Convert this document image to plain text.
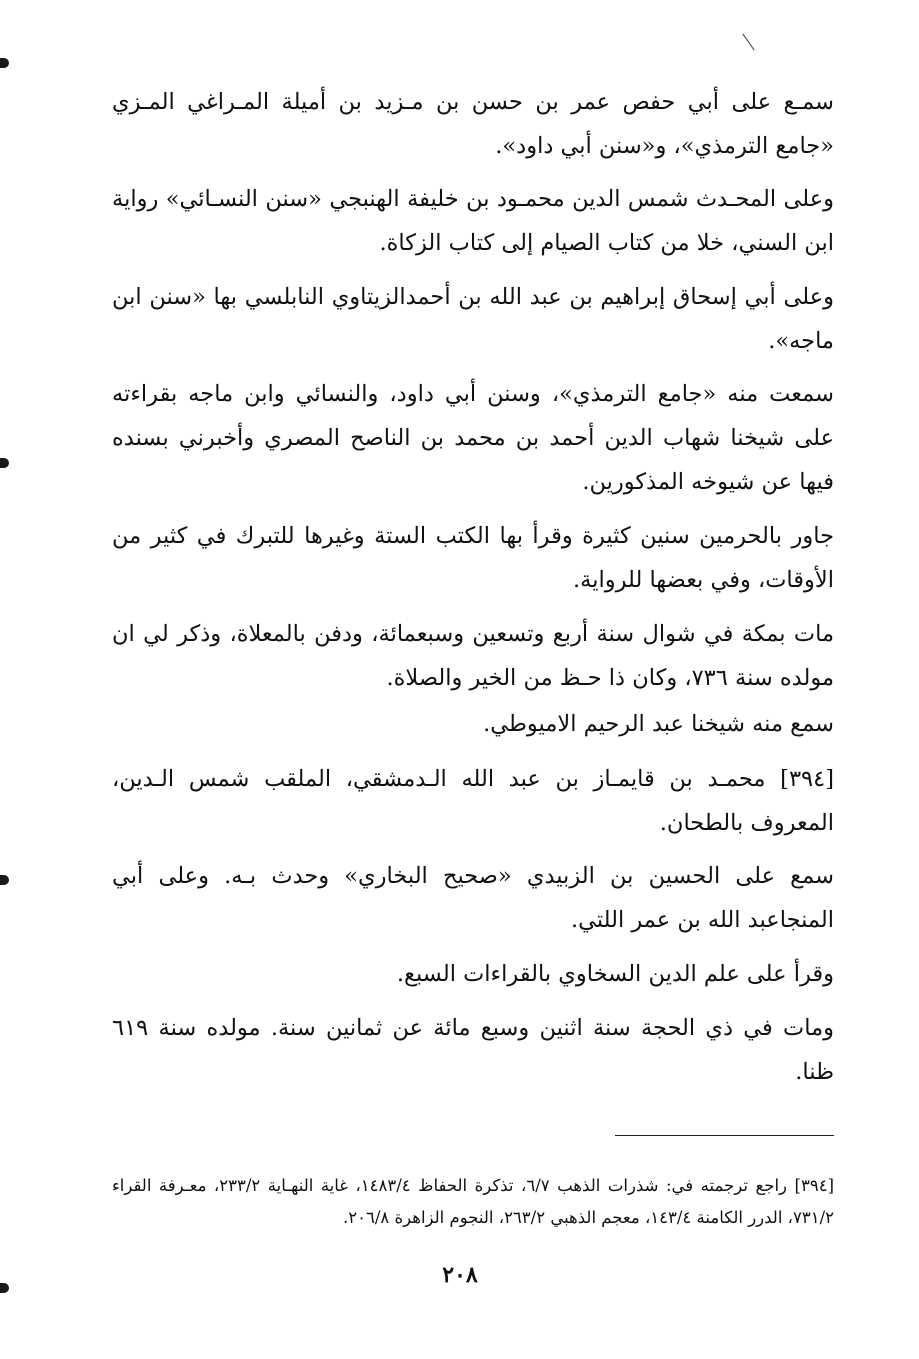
سمـع على أبي حفص عمر بن حسن بن مـزيد بن أميلة المـراغي المـزي «جامع الترمذي»، و«سنن أبي داود».

وعلى المحـدث شمس الدين محمـود بن خليفة الهنبجي «سنن النسـائي» رواية ابن السني، خلا من كتاب الصيام إلى كتاب الزكاة.

وعلى أبي إسحاق إبراهيم بن عبد الله بن أحمدالزيتاوي النابلسي بها «سنن ابن ماجه».

سمعت منه «جامع الترمذي»، وسنن أبي داود، والنسائي وابن ماجه بقراءته على شيخنا شهاب الدين أحمد بن محمد بن الناصح المصري وأخبرني بسنده فيها عن شيوخه المذكورين.

جاور بالحرمين سنين كثيرة وقرأ بها الكتب الستة وغيرها للتبرك في كثير من الأوقات، وفي بعضها للرواية.

مات بمكة في شوال سنة أربع وتسعين وسبعمائة، ودفن بالمعلاة، وذكر لي ان مولده سنة ٧٣٦، وكان ذا حـظ من الخير والصلاة.

سمع منه شيخنا عبد الرحيم الاميوطي.

[٣٩٤] محمـد بن قايمـاز بن عبد الله الـدمشقي، الملقب شمس الـدين، المعروف بالطحان.

سمع على الحسين بن الزبيدي «صحيح البخاري» وحدث بـه. وعلى أبي المنجاعبد الله بن عمر اللتي.

وقرأ على علم الدين السخاوي بالقراءات السبع.

ومات في ذي الحجة سنة اثنين وسبع مائة عن ثمانين سنة. مولده سنة ٦١٩ ظنا.

[٣٩٤] راجع ترجمته في: شذرات الذهب ٦/٧، تذكرة الحفاظ ١٤٨٣/٤، غاية النهـاية ٢٣٣/٢، معـرفة القراء ٧٣١/٢، الدرر الكامنة ١٤٣/٤، معجم الذهبي ٢٦٣/٢، النجوم الزاهرة ٢٠٦/٨.

٢٠٨
